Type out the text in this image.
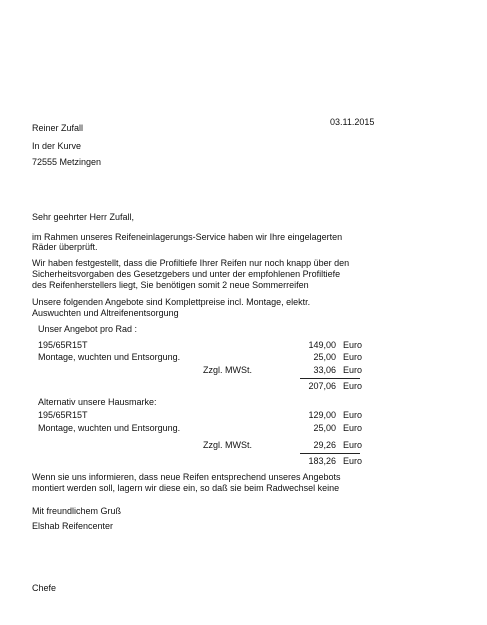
03.11.2015
Reiner Zufall
In der Kurve
72555 Metzingen
Sehr geehrter Herr Zufall,
im Rahmen unseres Reifeneinlagerungs-Service haben wir Ihre eingelagerten
Räder überprüft.
Wir haben festgestellt, dass die Profiltiefe Ihrer Reifen nur noch knapp über den
Sicherheitsvorgaben des Gesetzgebers und unter der empfohlenen Profiltiefe
des Reifenherstellers liegt, Sie benötigen somit 2 neue Sommerreifen
Unsere folgenden Angebote sind Komplettpreise incl. Montage, elektr.
Auswuchten und Altreifenentsorgung
Unser Angebot pro Rad :
195/65R15T	149,00 Euro
Montage, wuchten und Entsorgung.	25,00 Euro
Zzgl. MWSt.	33,06 Euro
207,06 Euro
Alternativ unsere Hausmarke:
195/65R15T	129,00 Euro
Montage, wuchten und Entsorgung.	25,00 Euro
Zzgl. MWSt.	29,26 Euro
183,26 Euro
Wenn sie uns informieren, dass neue Reifen entsprechend unseres Angebots
montiert werden soll, lagern wir diese ein, so daß sie beim Radwechsel keine
Mit freundlichem Gruß
Elshab Reifencenter
Chefe
